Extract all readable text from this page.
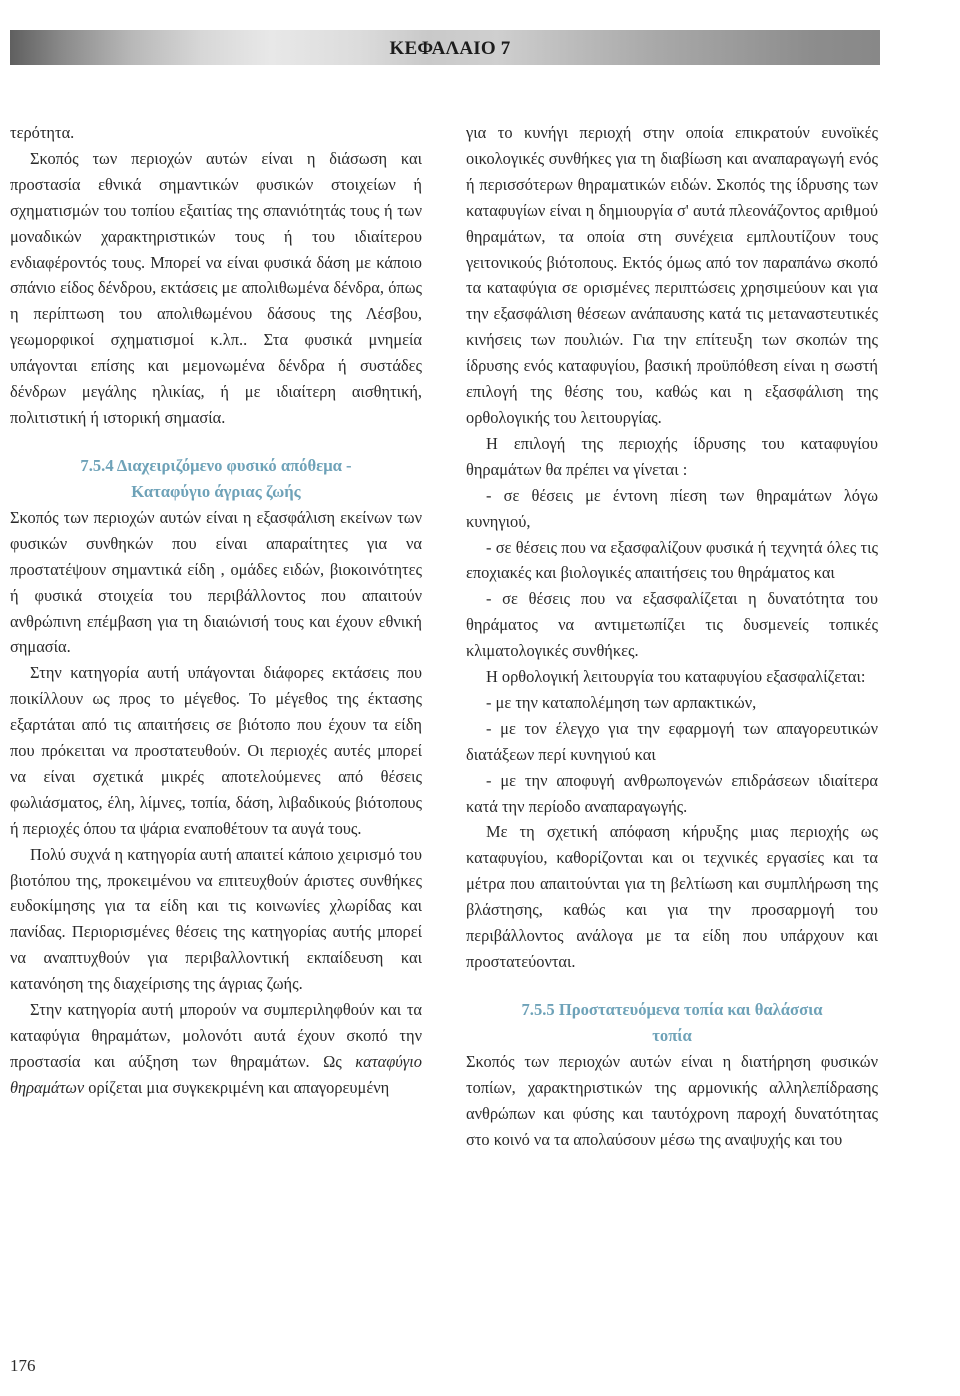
ΚΕΦΑΛΑΙΟ 7

τερότητα.

Σκοπός των περιοχών αυτών είναι η διάσωση και προστασία εθνικά σημαντικών φυσικών στοιχείων ή σχηματισμών του τοπίου εξαιτίας της σπανιότητάς τους ή των μοναδικών χαρακτηριστικών τους ή του ιδιαίτερου ενδιαφέροντός τους. Μπορεί να είναι φυσικά δάση με κάποιο σπάνιο είδος δένδρου, εκτάσεις με απολιθωμένα δένδρα, όπως η περίπτωση του απολιθωμένου δάσους της Λέσβου, γεωμορφικοί σχηματισμοί κ.λπ.. Στα φυσικά μνημεία υπάγονται επίσης και μεμονωμένα δένδρα ή συστάδες δένδρων μεγάλης ηλικίας, ή με ιδιαίτερη αισθητική, πολιτιστική ή ιστορική σημασία.

7.5.4 Διαχειριζόμενο φυσικό απόθεμα -

Καταφύγιο άγριας ζωής

Σκοπός των περιοχών αυτών είναι η εξασφάλιση εκείνων των φυσικών συνθηκών που είναι απαραίτητες για να προστατέψουν σημαντικά είδη , ομάδες ειδών, βιοκοινότητες ή φυσικά στοιχεία του περιβάλλοντος που απαιτούν ανθρώπινη επέμβαση για τη διαιώνισή τους και έχουν εθνική σημασία.

Στην κατηγορία αυτή υπάγονται διάφορες εκτάσεις που ποικίλλουν ως προς το μέγεθος. Το μέγεθος της έκτασης εξαρτάται από τις απαιτήσεις σε βιότοπο που έχουν τα είδη που πρόκειται να προστατευθούν. Οι περιοχές αυτές μπορεί να είναι σχετικά μικρές αποτελούμενες από θέσεις φωλιάσματος, έλη, λίμνες, τοπία, δάση, λιβαδικούς βιότοπους ή περιοχές όπου τα ψάρια εναποθέτουν τα αυγά τους.

Πολύ συχνά η κατηγορία αυτή απαιτεί κάποιο χειρισμό του βιοτόπου της, προκειμένου να επιτευχθούν άριστες συνθήκες ευδοκίμησης για τα είδη και τις κοινωνίες χλωρίδας και πανίδας. Περιορισμένες θέσεις της κατηγορίας αυτής μπορεί να αναπτυχθούν για περιβαλλοντική εκπαίδευση και κατανόηση της διαχείρισης της άγριας ζωής.

Στην κατηγορία αυτή μπορούν να συμπεριληφθούν και τα καταφύγια θηραμάτων, μολονότι αυτά έχουν σκοπό την προστασία και αύξηση των θηραμάτων. Ως καταφύγιο θηραμάτων ορίζεται μια συγκεκριμένη και απαγορευμένη

για το κυνήγι περιοχή στην οποία επικρατούν ευνοϊκές οικολογικές συνθήκες για τη διαβίωση και αναπαραγωγή ενός ή περισσότερων θηραματικών ειδών. Σκοπός της ίδρυσης των καταφυγίων είναι η δημιουργία σ' αυτά πλεονάζοντος αριθμού θηραμάτων, τα οποία στη συνέχεια εμπλουτίζουν τους γειτονικούς βιότοπους. Εκτός όμως από τον παραπάνω σκοπό τα καταφύγια σε ορισμένες περιπτώσεις χρησιμεύουν και για την εξασφάλιση θέσεων ανάπαυσης κατά τις μεταναστευτικές κινήσεις των πουλιών. Για την επίτευξη των σκοπών της ίδρυσης ενός καταφυγίου, βασική προϋπόθεση είναι η σωστή επιλογή της θέσης του, καθώς και η εξασφάλιση της ορθολογικής του λειτουργίας.

Η επιλογή της περιοχής ίδρυσης του καταφυγίου θηραμάτων θα πρέπει να γίνεται :

- σε θέσεις με έντονη πίεση των θηραμάτων λόγω κυνηγιού,

- σε θέσεις που να εξασφαλίζουν φυσικά ή τεχνητά όλες τις εποχιακές και βιολογικές απαιτήσεις του θηράματος και

- σε θέσεις που να εξασφαλίζεται η δυνατότητα του θηράματος να αντιμετωπίζει τις δυσμενείς τοπικές κλιματολογικές συνθήκες.

Η ορθολογική λειτουργία του καταφυγίου εξασφαλίζεται:

- με την καταπολέμηση των αρπακτικών,

- με τον έλεγχο για την εφαρμογή των απαγορευτικών διατάξεων περί κυνηγιού και

- με την αποφυγή ανθρωπογενών επιδράσεων ιδιαίτερα κατά την περίοδο αναπαραγωγής.

Με τη σχετική απόφαση κήρυξης μιας περιοχής ως καταφυγίου, καθορίζονται και οι τεχνικές εργασίες και τα μέτρα που απαιτούνται για τη βελτίωση και συμπλήρωση της βλάστησης, καθώς και για την προσαρμογή του περιβάλλοντος ανάλογα με τα είδη που υπάρχουν και προστατεύονται.

7.5.5 Προστατευόμενα τοπία και θαλάσσια

τοπία

Σκοπός των περιοχών αυτών είναι η διατήρηση φυσικών τοπίων, χαρακτηριστικών της αρμονικής αλληλεπίδρασης ανθρώπων και φύσης και ταυτόχρονη παροχή δυνατότητας στο κοινό να τα απολαύσουν μέσω της αναψυχής και του

176
